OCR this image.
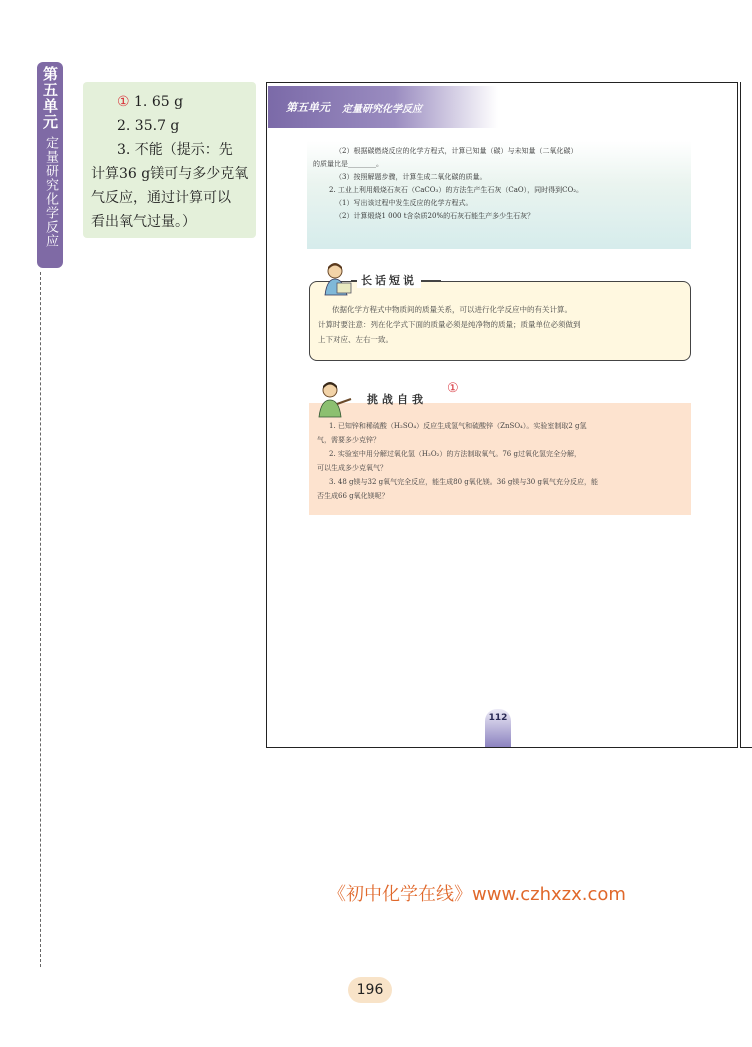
第五单元
定量研究化学反应
① 1. 65 g
2. 35.7 g
3. 不能（提示：先
计算36 g镁可与多少克氧
气反应，通过计算可以
看出氧气过量。）
第五单元 定量研究化学反应
（2）根据碳燃烧反应的化学方程式，计算已知量（碳）与未知量（二氧化碳）
的质量比是________。
（3）按照解题步骤，计算生成二氧化碳的质量。
2. 工业上利用煅烧石灰石（CaCO₃）的方法生产生石灰（CaO），同时得到CO₂。
（1）写出该过程中发生反应的化学方程式。
（2）计算煅烧1 000 t含杂质20%的石灰石能生产多少生石灰？
依据化学方程式中物质间的质量关系，可以进行化学反应中的有关计算。
计算时要注意：列在化学式下面的质量必须是纯净物的质量；质量单位必须做到
上下对应、左右一致。
长话短说
1. 已知锌和稀硫酸（H₂SO₄）反应生成氢气和硫酸锌（ZnSO₄）。实验室制取2 g氢
气，需要多少克锌？
2. 实验室中用分解过氧化氢（H₂O₂）的方法制取氧气。76 g过氧化氢完全分解，
可以生成多少克氧气？
3. 48 g镁与32 g氧气完全反应，能生成80 g氧化镁。36 g镁与30 g氧气充分反应，能
否生成66 g氧化镁呢？
挑战自我
①
112
《初中化学在线》www.czhxzx.com
196
